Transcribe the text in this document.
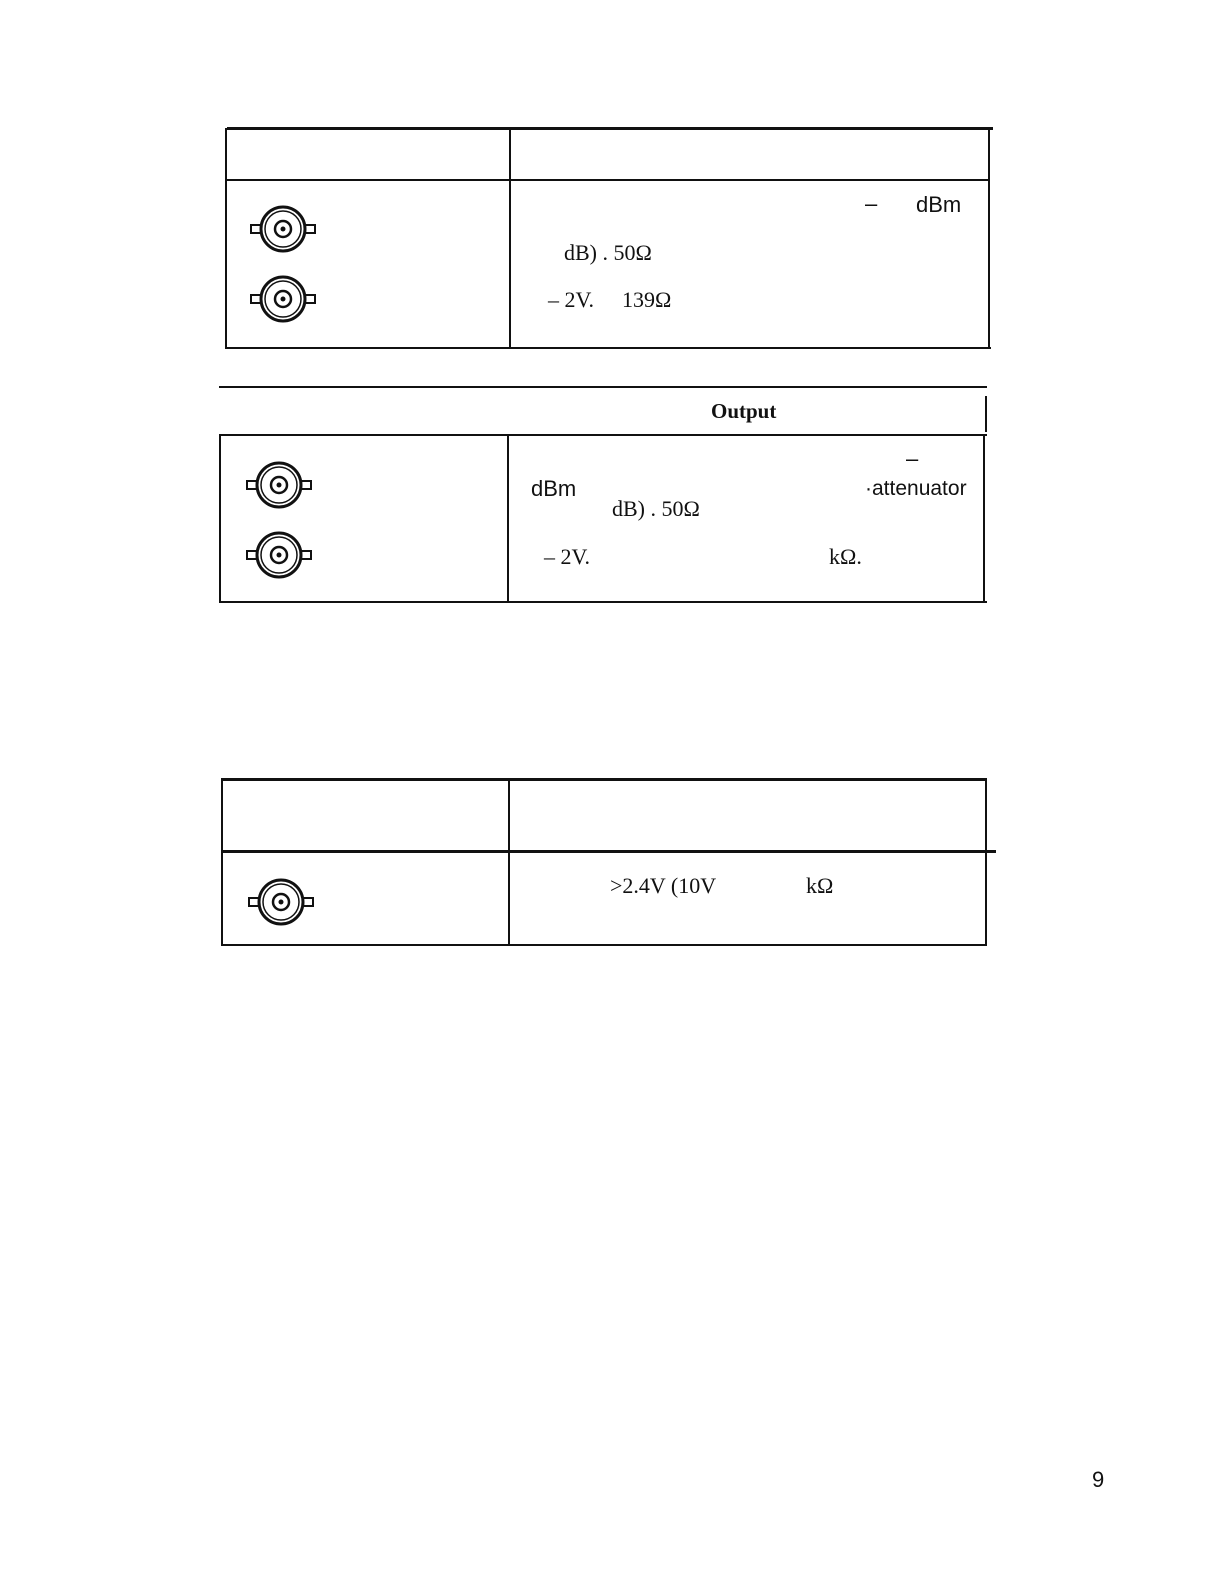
– dBm
dB) . 50Ω
– 2V. 139Ω
Output
–
dBm	·attenuator
dB) . 50Ω
– 2V.	kΩ.
>2.4V (10V	kΩ
9
